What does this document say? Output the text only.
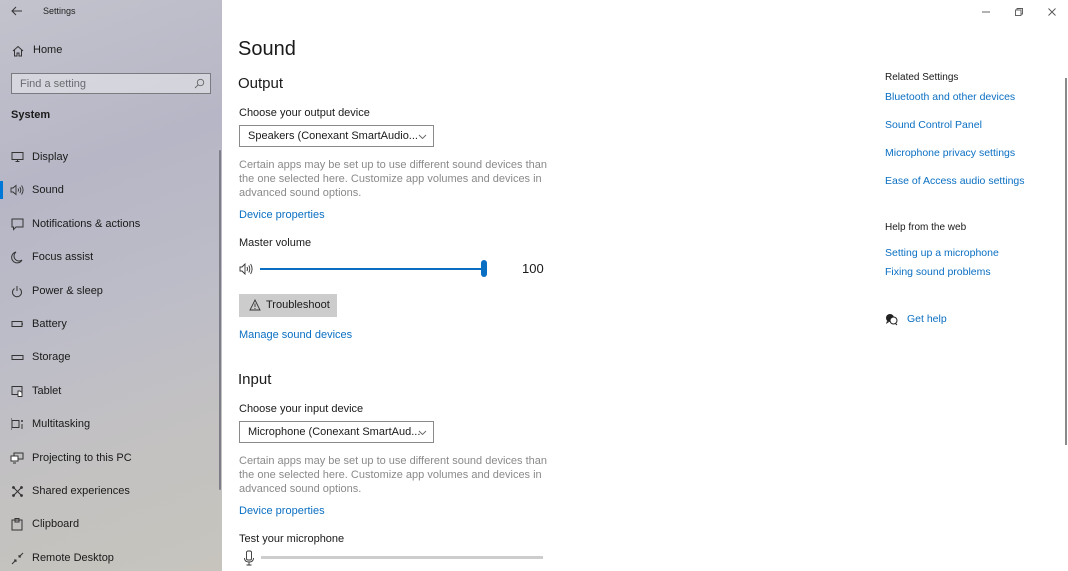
Settings
Home
Find a setting
System
Display
Sound
Notifications & actions
Focus assist
Power & sleep
Battery
Storage
Tablet
Multitasking
Projecting to this PC
Shared experiences
Clipboard
Remote Desktop
Sound
Output
Choose your output device
Speakers (Conexant SmartAudio...
Certain apps may be set up to use different sound devices than the one selected here. Customize app volumes and devices in advanced sound options.
Device properties
Master volume
100
Troubleshoot
Manage sound devices
Input
Choose your input device
Microphone (Conexant SmartAud...
Certain apps may be set up to use different sound devices than the one selected here. Customize app volumes and devices in advanced sound options.
Device properties
Test your microphone
Related Settings
Bluetooth and other devices
Sound Control Panel
Microphone privacy settings
Ease of Access audio settings
Help from the web
Setting up a microphone
Fixing sound problems
Get help
